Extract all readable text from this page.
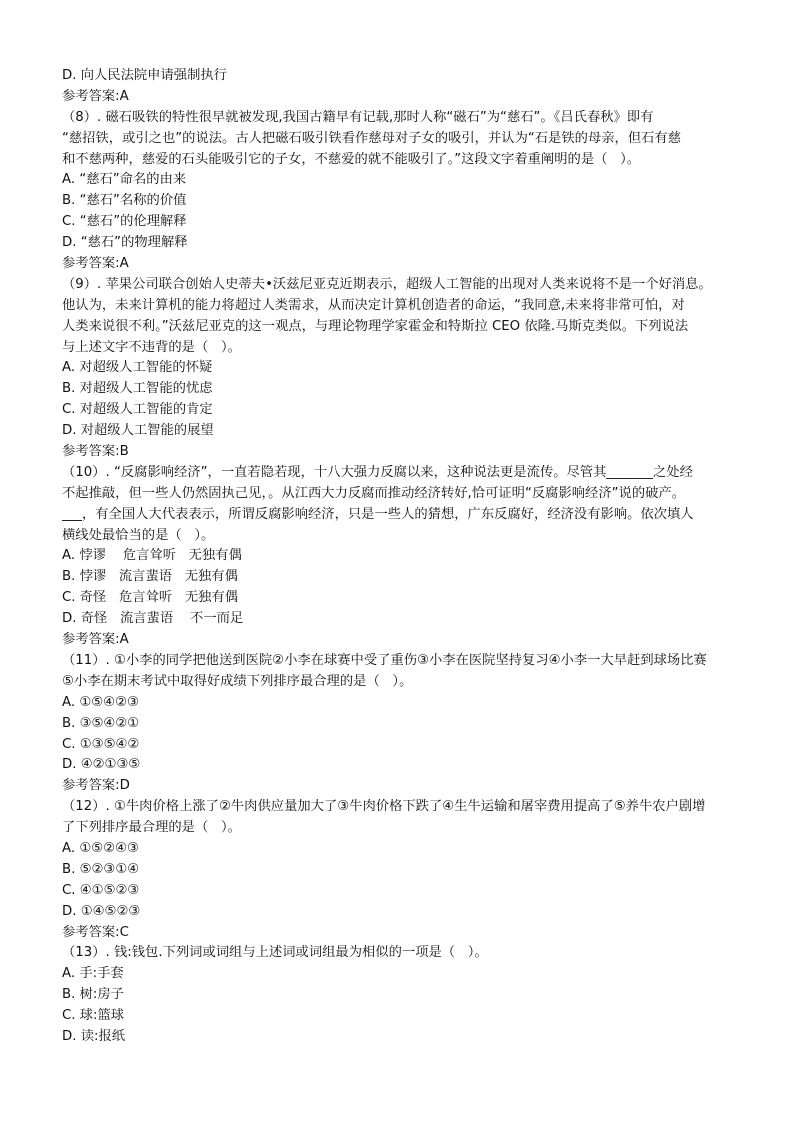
D. 向人民法院申请强制执行
参考答案:A
（8）. 磁石吸铁的特性很早就被发现,我国古籍早有记载,那时人称“磁石”为“慈石”。《吕氏春秋》即有
“慈招铁，或引之也”的说法。古人把磁石吸引铁看作慈母对子女的吸引，并认为“石是铁的母亲，但石有慈
和不慈两种，慈爱的石头能吸引它的子女，不慈爱的就不能吸引了。”这段文字着重阐明的是（   ）。
A. “慈石”命名的由来
B. “慈石”名称的价值
C. “慈石”的伦理解释
D. “慈石”的物理解释
参考答案:A
（9）. 苹果公司联合创始人史蒂夫•沃兹尼亚克近期表示，超级人工智能的出现对人类来说将不是一个好消息。
他认为，未来计算机的能力将超过人类需求，从而决定计算机创造者的命运，“我同意,未来将非常可怕，对
人类来说很不利。”沃兹尼亚克的这一观点，与理论物理学家霍金和特斯拉 CEO 依隆.马斯克类似。下列说法
与上述文字不违背的是（   ）。
A. 对超级人工智能的怀疑
B. 对超级人工智能的忧虑
C. 对超级人工智能的肯定
D. 对超级人工智能的展望
参考答案:B
（10）. “反腐影响经济”，一直若隐若现，十八大强力反腐以来，这种说法更是流传。尽管其_______之处经
不起推敲，但一些人仍然固执己见，。从江西大力反腐而推动经济转好,恰可证明“反腐影响经济”说的破产。
___，有全国人大代表表示，所谓反腐影响经济，只是一些人的猜想，广东反腐好，经济没有影响。依次填人
横线处最恰当的是（   ）。
A. 悖谬    危言耸听   无独有偶
B. 悖谬   流言蜚语   无独有偶
C. 奇怪   危言耸听   无独有偶
D. 奇怪   流言蜚语    不一而足
参考答案:A
（11）. ①小李的同学把他送到医院②小李在球赛中受了重伤③小李在医院坚持复习④小李一大早赶到球场比赛
⑤小李在期末考试中取得好成绩下列排序最合理的是（   ）。
A. ①⑤④②③
B. ③⑤④②①
C. ①③⑤④②
D. ④②①③⑤
参考答案:D
（12）. ①牛肉价格上涨了②牛肉供应量加大了③牛肉价格下跌了④生牛运输和屠宰费用提高了⑤养牛农户剧增
了下列排序最合理的是（   ）。
A. ①⑤②④③
B. ⑤②③①④
C. ④①⑤②③
D. ①④⑤②③
参考答案:C
（13）. 钱:钱包.下列词或词组与上述词或词组最为相似的一项是（   ）。
A. 手:手套
B. 树:房子
C. 球:篮球
D. 读:报纸
